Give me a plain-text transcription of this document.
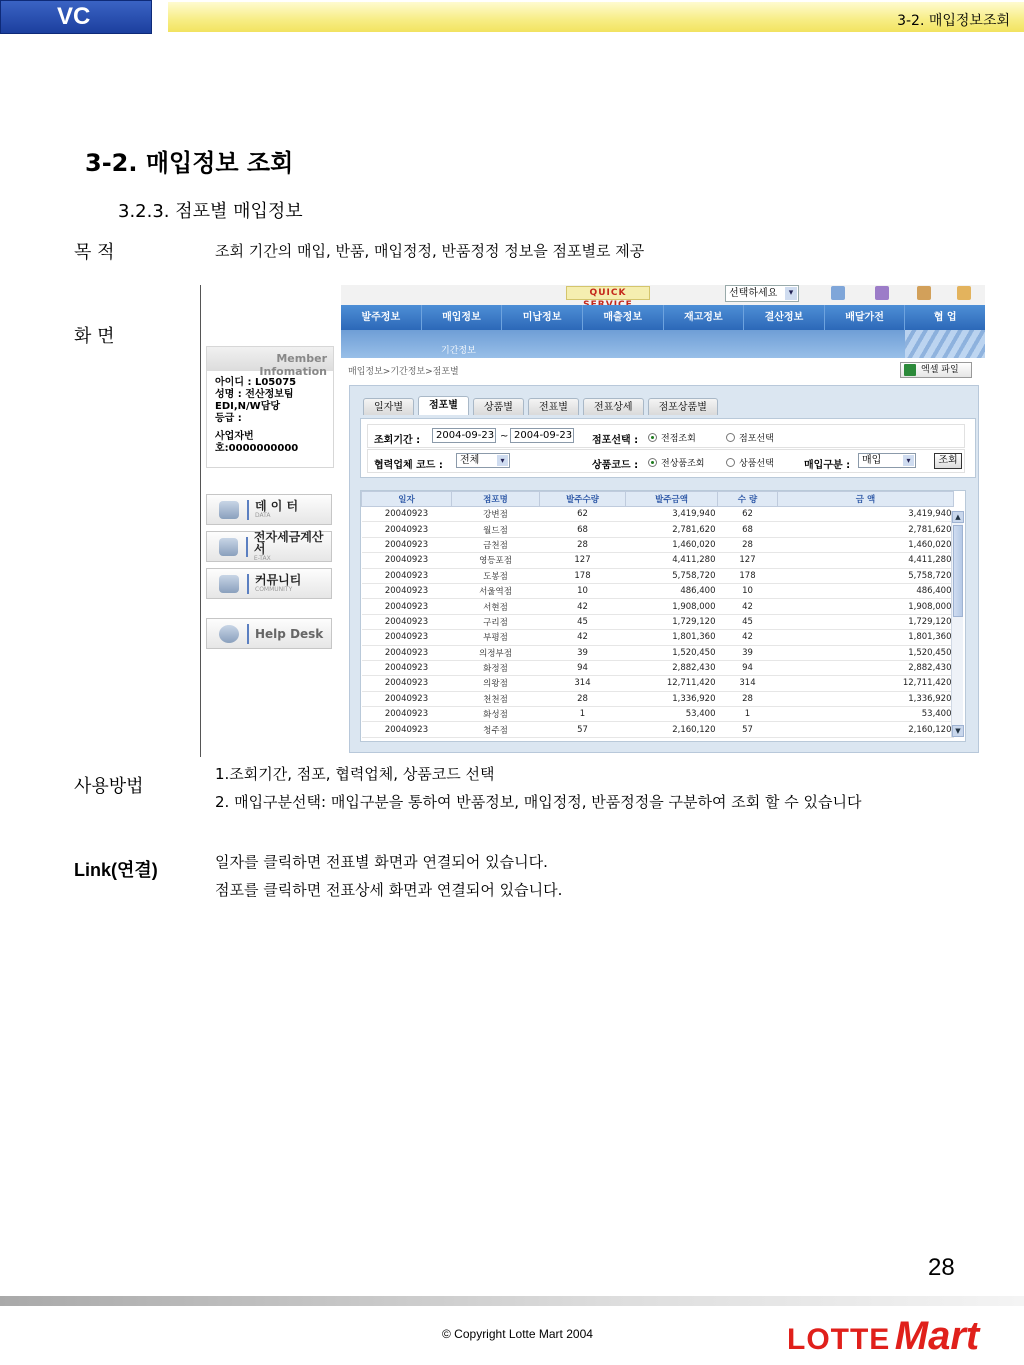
VC	3-2. 매입정보조회
3-2. 매입정보 조회
3.2.3. 점포별 매입정보
목 적	조회 기간의 매입, 반품, 매입정정, 반품정정 정보을 점포별로 제공
화 면
Member Infomation
아이디 : L05075
성명 : 전산정보팀
EDI,N/W담당
등급 :
사업자번호:0000000000
데 이 터
DATA
전자세금계산서
E-TAX
커뮤니티
COMMUNITY
Help Desk
QUICK	선택하세요 ▾
발주정보	매입정보	미납정보	매출정보	재고정보	결산정보	배달가전	협 업
기간정보
매입정보>기간정보>점포별	엑셀 파일
일자별	점포별	상품별	전표별	전표상세	점포상품별
조회기간 :	2004-09-23 ~ 2004-09-23 점포선택 :	전점조회	점포선택
협력업체 코드 :	전체 ▾	상품코드 :	전상품조회	상품선택	매입구분 :	매입 ▾	조회
일자	점포명	발주수량	발주금액	수 량	금 액
20040923	강변점	62	3,419,940	62	3,419,940
20040923	월드점	68	2,781,620	68	2,781,620
20040923	금천점	28	1,460,020	28	1,460,020
20040923	영등포점	127	4,411,280	127	4,411,280
20040923	도봉점	178	5,758,720	178	5,758,720
20040923	서울역점	10	486,400	10	486,400
20040923	서현점	42	1,908,000	42	1,908,000
20040923	구리점	45	1,729,120	45	1,729,120
20040923	부평점	42	1,801,360	42	1,801,360
20040923	의정부점	39	1,520,450	39	1,520,450
20040923	화정점	94	2,882,430	94	2,882,430
20040923	의왕점	314	12,711,420	314	12,711,420
20040923	천천점	28	1,336,920	28	1,336,920
20040923	화성점	1	53,400	1	53,400
20040923	청주점	57	2,160,120	57	2,160,120
▲
▼
사용방법
1.조회기간, 점포, 협력업체, 상품코드 선택
2. 매입구분선택: 매입구분을 통하여 반품정보, 매입정정, 반품정정을 구분하여 조회 할 수 있습니다
Link(연결)	일자를 클릭하면 전표별 화면과 연결되어 있습니다.
점포를 클릭하면 전표상세 화면과 연결되어 있습니다.
28
© Copyright Lotte Mart 2004	LOTTE Mart
